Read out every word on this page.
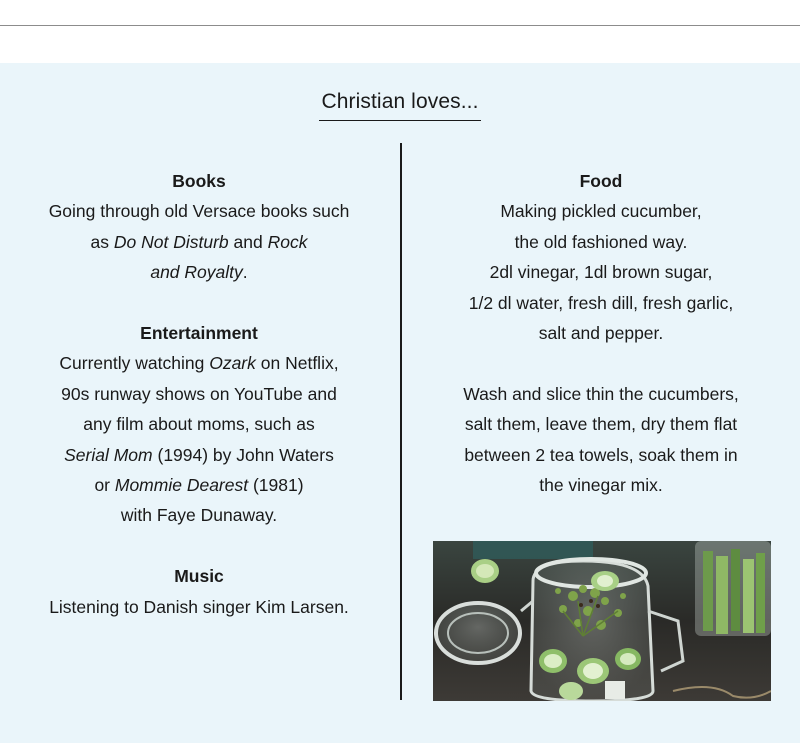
Christian loves...
Books
Going through old Versace books such
as Do Not Disturb and Rock
and Royalty.
Entertainment
Currently watching Ozark on Netflix,
90s runway shows on YouTube and
any film about moms, such as
Serial Mom (1994) by John Waters
or Mommie Dearest (1981)
with Faye Dunaway.
Music
Listening to Danish singer Kim Larsen.
Food
Making pickled cucumber,
the old fashioned way.
2dl vinegar, 1dl brown sugar,
1/2 dl water, fresh dill, fresh garlic,
salt and pepper.
Wash and slice thin the cucumbers,
salt them, leave them, dry them flat
between 2 tea towels, soak them in
the vinegar mix.
